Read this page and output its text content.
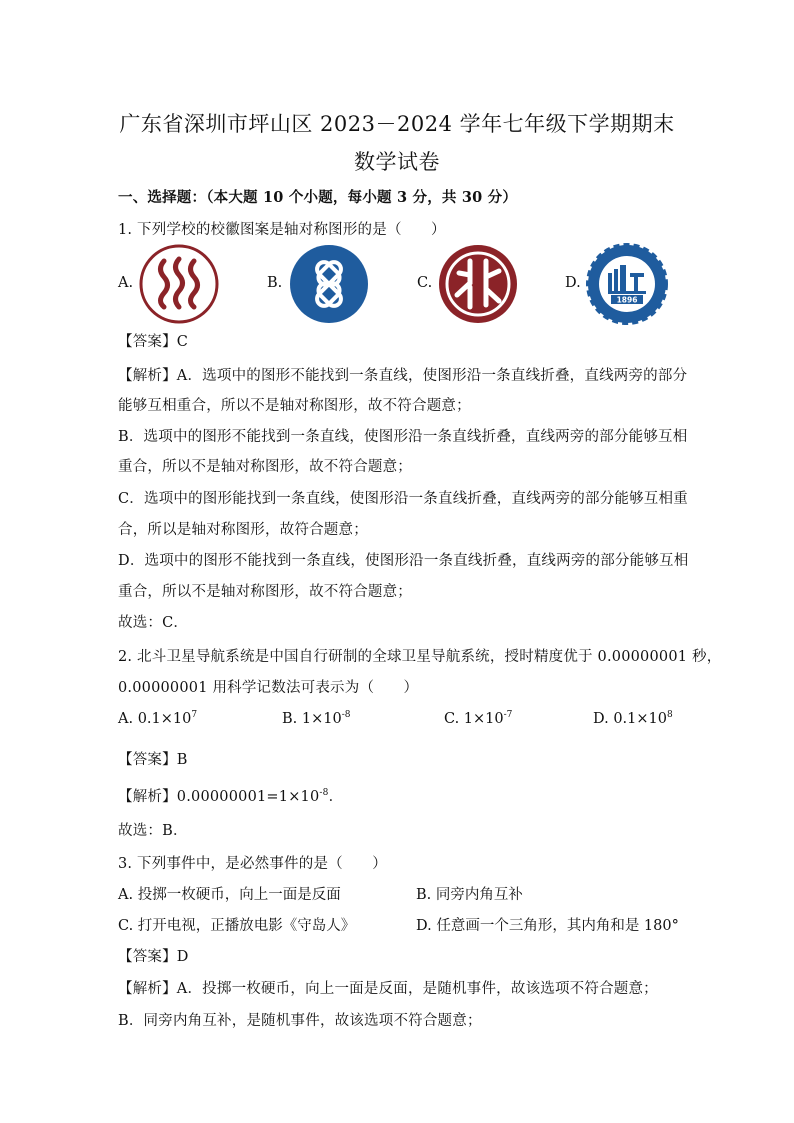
广东省深圳市坪山区 2023－2024 学年七年级下学期期末
数学试卷
一、选择题：（本大题 10 个小题，每小题 3 分，共 30 分）
1. 下列学校的校徽图案是轴对称图形的是（　　）
A.	B.	C.	D.
1896
【答案】C
【解析】A．选项中的图形不能找到一条直线，使图形沿一条直线折叠，直线两旁的部分
能够互相重合，所以不是轴对称图形，故不符合题意；
B．选项中的图形不能找到一条直线，使图形沿一条直线折叠，直线两旁的部分能够互相
重合，所以不是轴对称图形，故不符合题意；
C．选项中的图形能找到一条直线，使图形沿一条直线折叠，直线两旁的部分能够互相重
合，所以是轴对称图形，故符合题意；
D．选项中的图形不能找到一条直线，使图形沿一条直线折叠，直线两旁的部分能够互相
重合，所以不是轴对称图形，故不符合题意；
故选：C．
2. 北斗卫星导航系统是中国自行研制的全球卫星导航系统，授时精度优于 0.00000001 秒，
0.00000001 用科学记数法可表示为（　　）
A. $0.1\times 10^7$	B. $1\times 10^{-8}$	C. $1\times 10^{-7}$	D. $0.1\times 10^8$
【答案】B
【解析】$0.00000001=1\times 10^{-8}$．
故选：B．
3. 下列事件中，是必然事件的是（　　）
A. 投掷一枚硬币，向上一面是反面	B. 同旁内角互补
C. 打开电视，正播放电影《守岛人》	D. 任意画一个三角形，其内角和是 180°
【答案】D
【解析】A．投掷一枚硬币，向上一面是反面，是随机事件，故该选项不符合题意；
B．同旁内角互补，是随机事件，故该选项不符合题意；
